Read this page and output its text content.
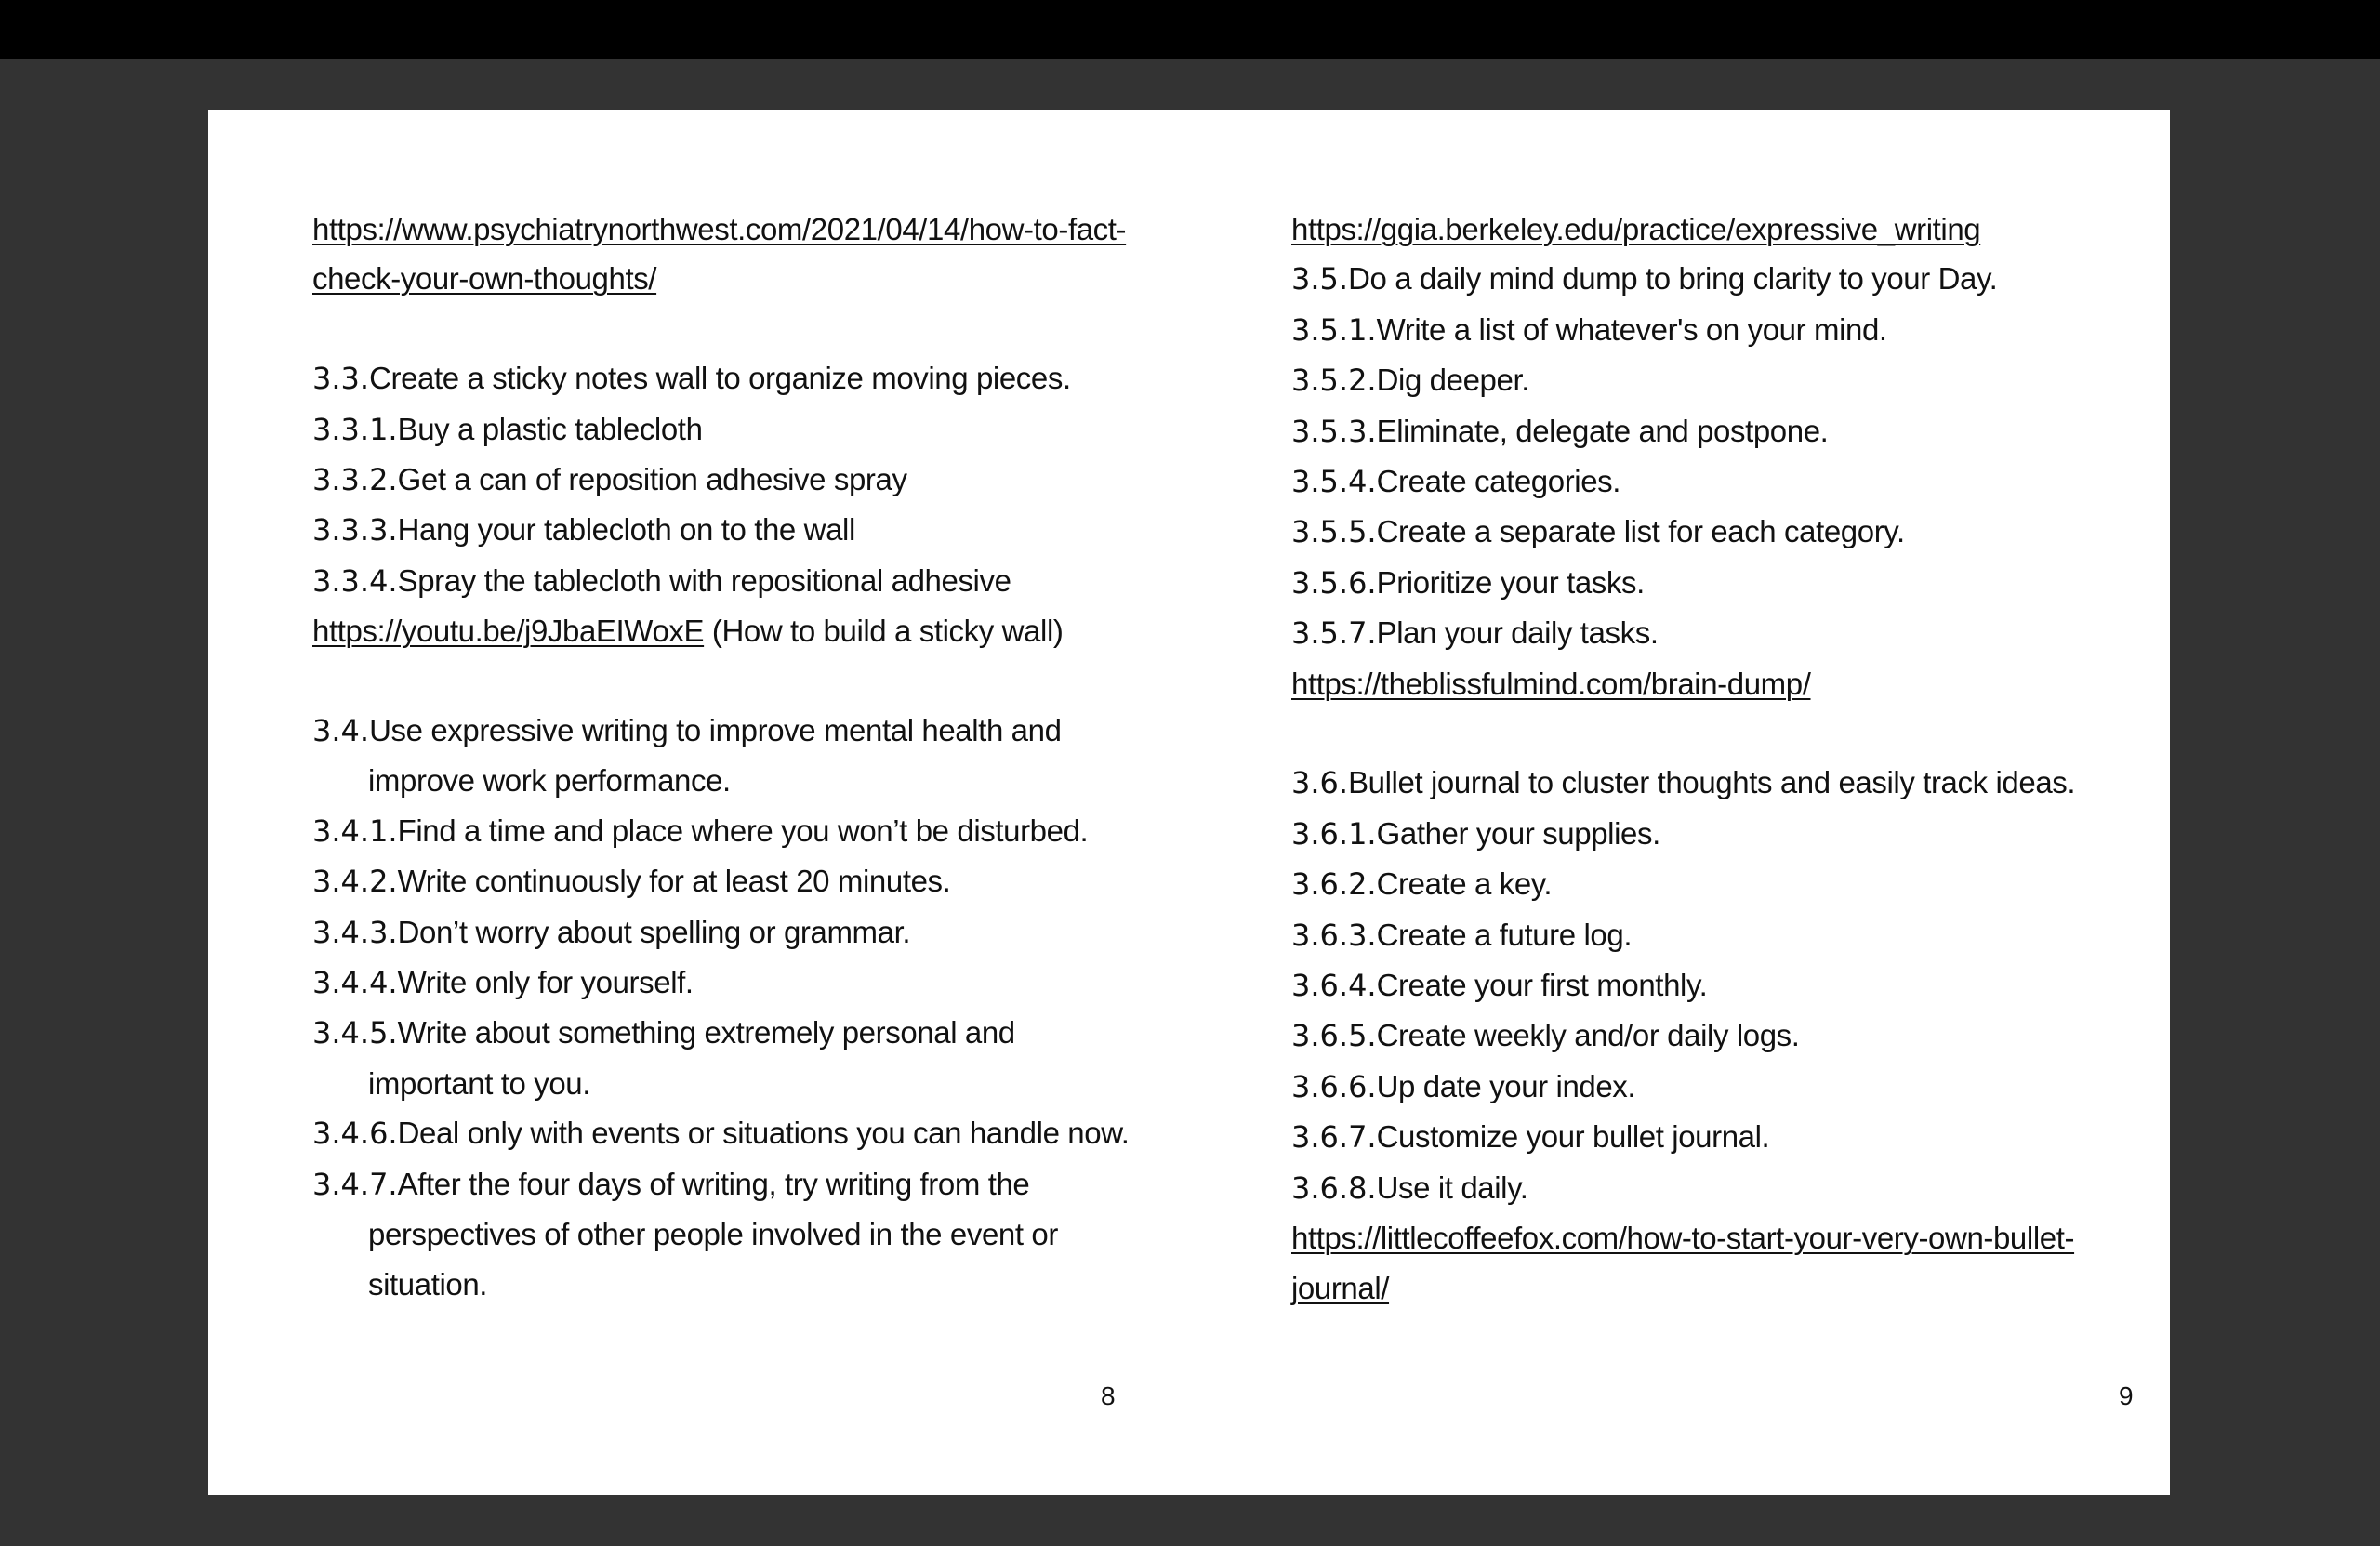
https://www.psychiatrynorthwest.com/2021/04/14/how-to-fact-
check-your-own-thoughts/
3.3.Create a sticky notes wall to organize moving pieces.
3.3.1.Buy a plastic tablecloth
3.3.2.Get a can of reposition adhesive spray
3.3.3.Hang your tablecloth on to the wall
3.3.4.Spray the tablecloth with repositional adhesive
https://youtu.be/j9JbaEIWoxE (How to build a sticky wall)
3.4.Use expressive writing to improve mental health and
improve work performance.
3.4.1.Find a time and place where you won’t be disturbed.
3.4.2.Write continuously for at least 20 minutes.
3.4.3.Don’t worry about spelling or grammar.
3.4.4.Write only for yourself.
3.4.5.Write about something extremely personal and
important to you.
3.4.6.Deal only with events or situations you can handle now.
3.4.7.After the four days of writing, try writing from the
perspectives of other people involved in the event or
situation.
8
https://ggia.berkeley.edu/practice/expressive_writing
3.5.Do a daily mind dump to bring clarity to your Day.
3.5.1.Write a list of whatever's on your mind.
3.5.2.Dig deeper.
3.5.3.Eliminate, delegate and postpone.
3.5.4.Create categories.
3.5.5.Create a separate list for each category.
3.5.6.Prioritize your tasks.
3.5.7.Plan your daily tasks.
https://theblissfulmind.com/brain-dump/
3.6.Bullet journal to cluster thoughts and easily track ideas.
3.6.1.Gather your supplies.
3.6.2.Create a key.
3.6.3.Create a future log.
3.6.4.Create your first monthly.
3.6.5.Create weekly and/or daily logs.
3.6.6.Up date your index.
3.6.7.Customize your bullet journal.
3.6.8.Use it daily.
https://littlecoffeefox.com/how-to-start-your-very-own-bullet-
journal/
9
